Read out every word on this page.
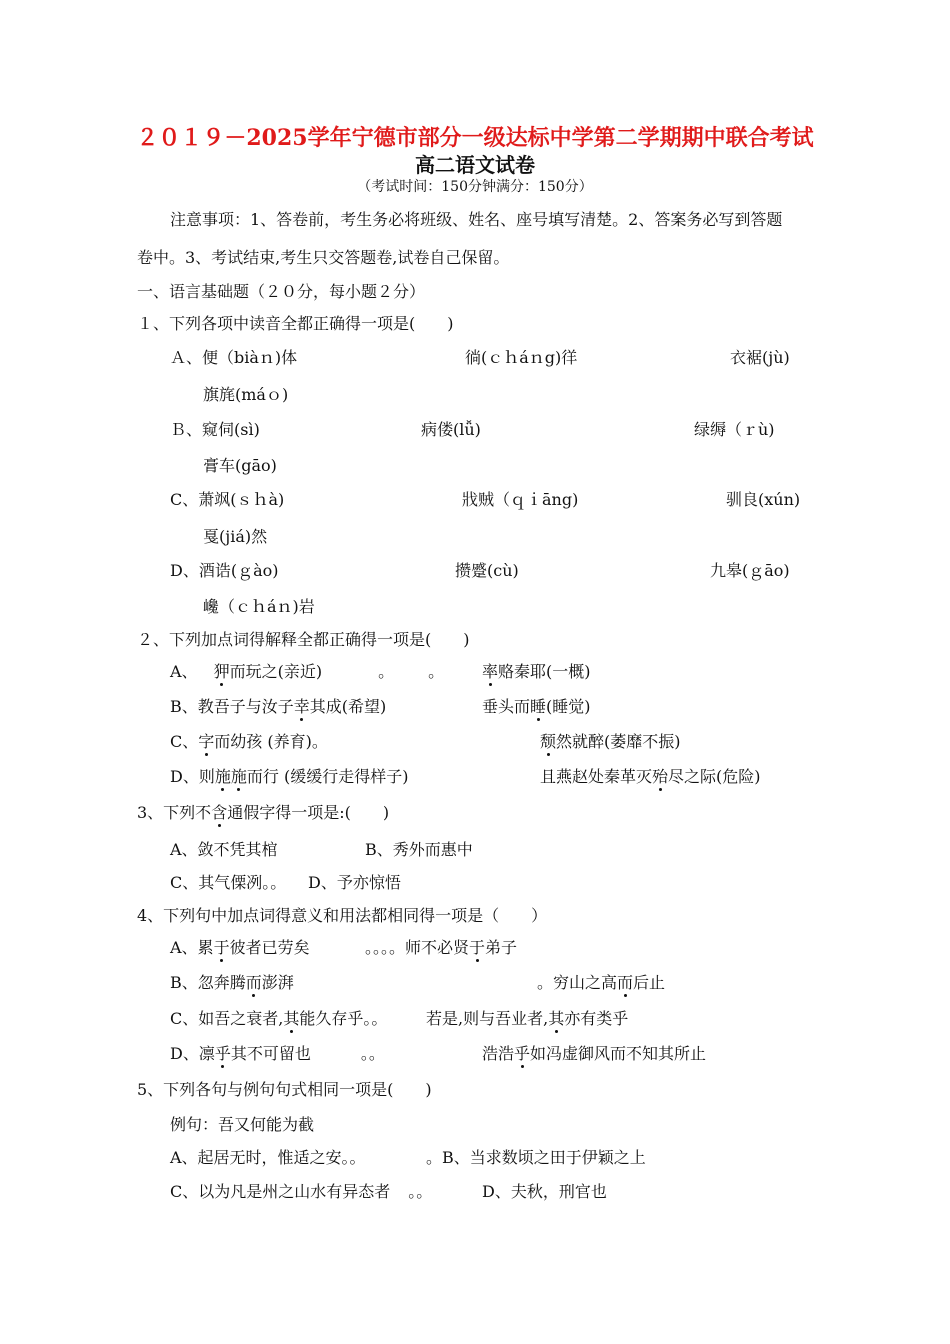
２０１９－2025学年宁德市部分一级达标中学第二学期期中联合考试
高二语文试卷
（考试时间：150分钟满分：150分）
注意事项：1、答卷前，考生务必将班级、姓名、座号填写清楚。2、答案务必写到答题
卷中。3、考试结束,考生只交答题卷,试卷自己保留。
一、语言基础题（２０分，每小题２分）
１、下列各项中读音全都正确得一项是(　　)
Ａ、便（biàｎ)体	徜(ｃｈáｎg)徉	衣裾(jù)
旗旄(máｏ)
Ｂ、窥伺(sì)	病偻(lǚ)	绿缛（ｒù)
膏车(gāo)
C、萧飒(ｓｈà)	戕贼（ｑｉāng)	驯良(xún)
戛(jiá)然
D、酒诰(ｇào)	攒蹙(cù)	九皋(ｇāo)
巉（ｃｈáｎ)岩
２、下列加点词得解释全都正确得一项是(　　)
A、 狎而玩之(亲近)	。	。 率赂秦耶(一概)
B、教吾子与汝子幸其成(希望)	垂头而睡(睡觉)
C、字而幼孩 (养育)。	颓然就醉(萎靡不振)
D、则施施而行 (缓缓行走得样子)	且燕赵处秦革灭殆尽之际(危险)
3、下列不含通假字得一项是:(　　)
A、敛不凭其棺	B、秀外而惠中
C、其气傈冽。。 D、予亦惊悟
4、下列句中加点词得意义和用法都相同得一项是（　　）
A、累于彼者已劳矣	。。。。师不必贤于弟子
B、忽奔腾而澎湃	。穷山之高而后止
C、如吾之衰者,其能久存乎。。 若是,则与吾业者,其亦有类乎
D、凛乎其不可留也	。。	浩浩乎如冯虚御风而不知其所止
5、下列各句与例句句式相同一项是(　　)
例句：吾又何能为截
A、起居无时，惟适之安。。	。B、当求数顷之田于伊颖之上
C、以为凡是州之山水有异态者 。。	D、夫秋，刑官也
